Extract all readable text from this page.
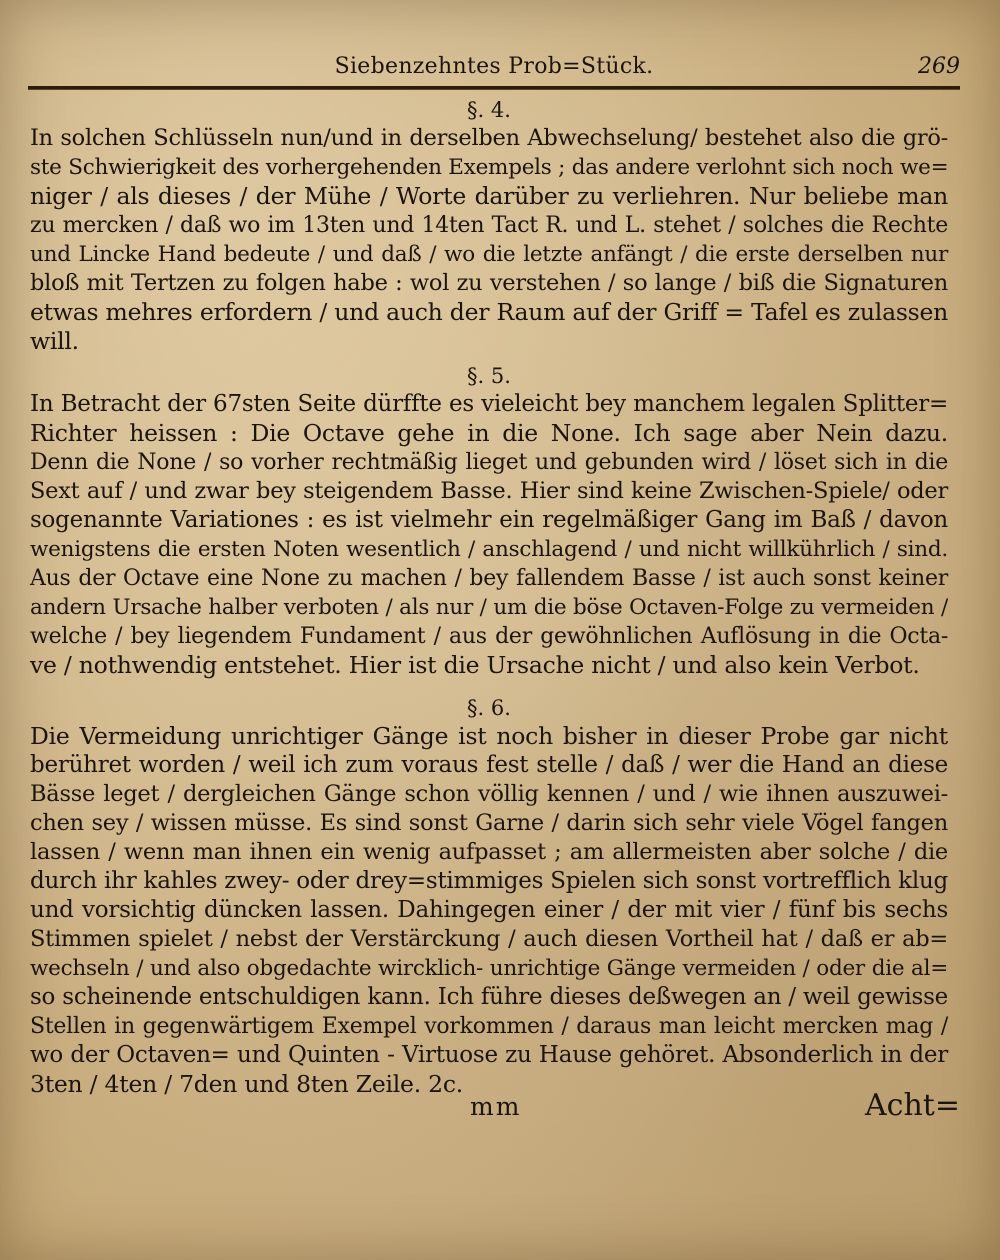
Siebenzehntes Prob=Stück.	269
§. 4.
In solchen Schlüsseln nun/und in derselben Abwechselung/ bestehet also die grö-
ste Schwierigkeit des vorhergehenden Exempels ; das andere verlohnt sich noch we=
niger / als dieses / der Mühe / Worte darüber zu verliehren. Nur beliebe man
zu mercken / daß wo im 13ten und 14ten Tact R. und L. stehet / solches die Rechte
und Lincke Hand bedeute / und daß / wo die letzte anfängt / die erste derselben nur
bloß mit Tertzen zu folgen habe : wol zu verstehen / so lange / biß die Signaturen
etwas mehres erfordern / und auch der Raum auf der Griff = Tafel es zulassen
will.
§. 5.
In Betracht der 67sten Seite dürffte es vieleicht bey manchem legalen Splitter=
Richter heissen : Die Octave gehe in die None. Ich sage aber Nein dazu.
Denn die None / so vorher rechtmäßig lieget und gebunden wird / löset sich in die
Sext auf / und zwar bey steigendem Basse. Hier sind keine Zwischen-Spiele/ oder
sogenannte Variationes : es ist vielmehr ein regelmäßiger Gang im Baß / davon
wenigstens die ersten Noten wesentlich / anschlagend / und nicht willkührlich / sind.
Aus der Octave eine None zu machen / bey fallendem Basse / ist auch sonst keiner
andern Ursache halber verboten / als nur / um die böse Octaven-Folge zu vermeiden /
welche / bey liegendem Fundament / aus der gewöhnlichen Auflösung in die Octa-
ve / nothwendig entstehet. Hier ist die Ursache nicht / und also kein Verbot.
§. 6.
Die Vermeidung unrichtiger Gänge ist noch bisher in dieser Probe gar nicht
berühret worden / weil ich zum voraus fest stelle / daß / wer die Hand an diese
Bässe leget / dergleichen Gänge schon völlig kennen / und / wie ihnen auszuwei-
chen sey / wissen müsse. Es sind sonst Garne / darin sich sehr viele Vögel fangen
lassen / wenn man ihnen ein wenig aufpasset ; am allermeisten aber solche / die
durch ihr kahles zwey- oder drey=stimmiges Spielen sich sonst vortrefflich klug
und vorsichtig düncken lassen. Dahingegen einer / der mit vier / fünf bis sechs
Stimmen spielet / nebst der Verstärckung / auch diesen Vortheil hat / daß er ab=
wechseln / und also obgedachte wircklich- unrichtige Gänge vermeiden / oder die al=
so scheinende entschuldigen kann. Ich führe dieses deßwegen an / weil gewisse
Stellen in gegenwärtigem Exempel vorkommen / daraus man leicht mercken mag /
wo der Octaven= und Quinten - Virtuose zu Hause gehöret. Absonderlich in der
3ten / 4ten / 7den und 8ten Zeile. 2c.
mm	Acht=
